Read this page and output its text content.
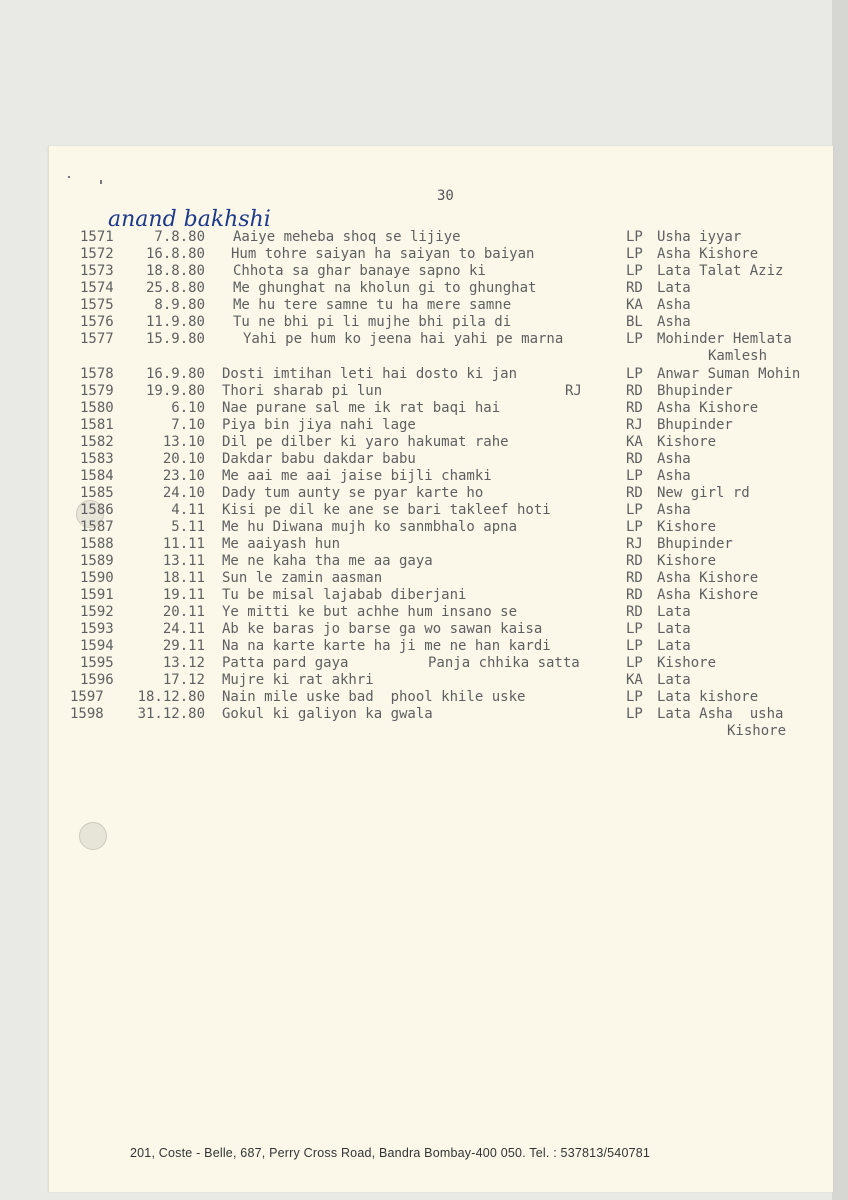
30
anand bakhshi
1571	7.8.80 Aaiye meheba shoq se lijiye	LP Usha iyyar
1572 16.8.80 Hum tohre saiyan ha saiyan to baiyan	LP Asha Kishore
1573 18.8.80 Chhota sa ghar banaye sapno ki	LP Lata Talat Aziz
1574 25.8.80 Me ghunghat na kholun gi to ghunghat	RD Lata
1575	8.9.80 Me hu tere samne tu ha mere samne	KA Asha
1576 11.9.80 Tu ne bhi pi li mujhe bhi pila di	BL Asha
1577 15.9.80	Yahi pe hum ko jeena hai yahi pe marna	LP Mohinder Hemlata
Kamlesh
1578 16.9.80 Dosti imtihan leti hai dosto ki jan	LP Anwar Suman Mohin
1579 19.9.80 Thori sharab pi lun	RJ	RD Bhupinder
1580	6.10 Nae purane sal me ik rat baqi hai	RD Asha Kishore
1581	7.10 Piya bin jiya nahi lage	RJ Bhupinder
1582	13.10 Dil pe dilber ki yaro hakumat rahe	KA Kishore
1583	20.10 Dakdar babu dakdar babu	RD Asha
1584	23.10 Me aai me aai jaise bijli chamki	LP Asha
1585	24.10 Dady tum aunty se pyar karte ho	RD New girl rd
1586	4.11 Kisi pe dil ke ane se bari takleef hoti	LP Asha
1587	5.11 Me hu Diwana mujh ko sanmbhalo apna	LP Kishore
1588	11.11 Me aaiyash hun	RJ Bhupinder
1589	13.11 Me ne kaha tha me aa gaya	RD Kishore
1590	18.11 Sun le zamin aasman	RD Asha Kishore
1591	19.11 Tu be misal lajabab diberjani	RD Asha Kishore
1592	20.11 Ye mitti ke but achhe hum insano se	RD Lata
1593	24.11 Ab ke baras jo barse ga wo sawan kaisa	LP Lata
1594	29.11 Na na karte karte ha ji me ne han kardi	LP Lata
1595	13.12 Patta pard gaya	Panja chhika satta	LP Kishore
1596	17.12 Mujre ki rat akhri	KA Lata
1597 18.12.80 Nain mile uske bad  phool khile uske	LP Lata kishore
1598 31.12.80 Gokul ki galiyon ka gwala	LP Lata Asha  usha
Kishore
201, Coste - Belle, 687, Perry Cross Road, Bandra Bombay-400 050. Tel. : 537813/540781
